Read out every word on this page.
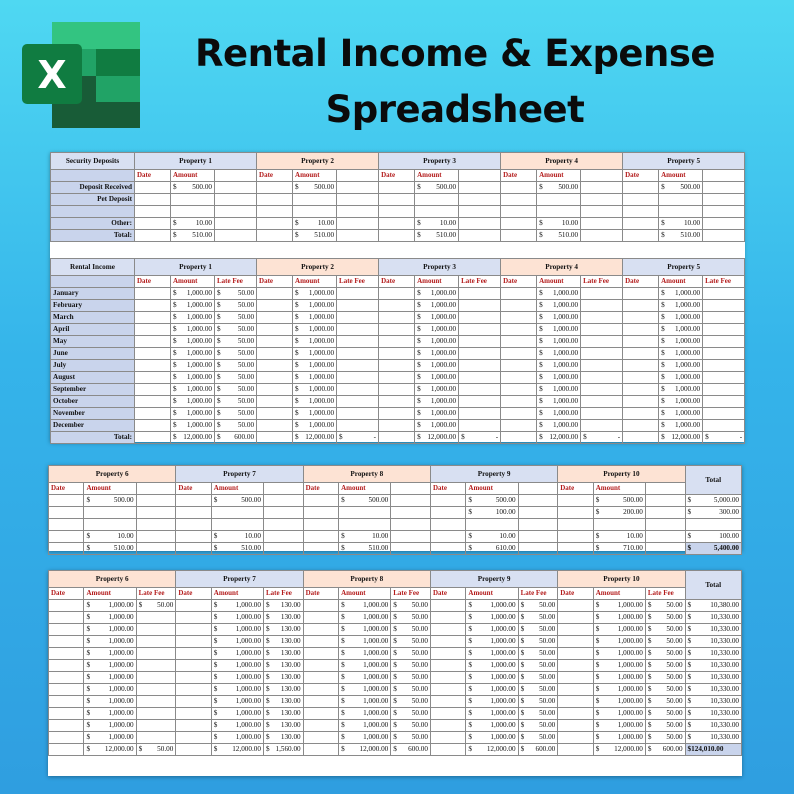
X	Rental Income & Expense
Spreadsheet
Security Deposits	Property 1			Property 2			Property 3			Property 4			Property 5		
	Date	Amount		Date	Amount		Date	Amount		Date	Amount		Date	Amount	
Deposit Received		$ 500.00			$ 500.00			$ 500.00			$ 500.00			$ 500.00	

Pet Deposit															

Other:		$ 10.00			$ 10.00			$ 10.00			$ 10.00			$ 10.00	

Total:		$ 510.00			$ 510.00			$ 510.00			$ 510.00			$ 510.00	

Rental Income	Property 1			Property 2			Property 3			Property 4			Property 5		
	Date	Amount	Late Fee	Date	Amount	Late Fee	Date	Amount	Late Fee	Date	Amount	Late Fee	Date	Amount	Late Fee
January		$ 1,000.00	$ 50.00		$ 1,000.00			$ 1,000.00			$ 1,000.00			$ 1,000.00	

February		$ 1,000.00	$ 50.00		$ 1,000.00			$ 1,000.00			$ 1,000.00			$ 1,000.00	

March		$ 1,000.00	$ 50.00		$ 1,000.00			$ 1,000.00			$ 1,000.00			$ 1,000.00	

April		$ 1,000.00	$ 50.00		$ 1,000.00			$ 1,000.00			$ 1,000.00			$ 1,000.00	

May		$ 1,000.00	$ 50.00		$ 1,000.00			$ 1,000.00			$ 1,000.00			$ 1,000.00	

June		$ 1,000.00	$ 50.00		$ 1,000.00			$ 1,000.00			$ 1,000.00			$ 1,000.00	

July		$ 1,000.00	$ 50.00		$ 1,000.00			$ 1,000.00			$ 1,000.00			$ 1,000.00	

August		$ 1,000.00	$ 50.00		$ 1,000.00			$ 1,000.00			$ 1,000.00			$ 1,000.00	

September		$ 1,000.00	$ 50.00		$ 1,000.00			$ 1,000.00			$ 1,000.00			$ 1,000.00	

October		$ 1,000.00	$ 50.00		$ 1,000.00			$ 1,000.00			$ 1,000.00			$ 1,000.00	

November		$ 1,000.00	$ 50.00		$ 1,000.00			$ 1,000.00			$ 1,000.00			$ 1,000.00	

December		$ 1,000.00	$ 50.00		$ 1,000.00			$ 1,000.00			$ 1,000.00			$ 1,000.00	

Total:		$ 12,000.00	$ 600.00		$ 12,000.00	$ -		$ 12,000.00	$ -		$ 12,000.00	$ -		$ 12,000.00	$ -
Property 6			Property 7			Property 8			Property 9			Property 10			Total
Date	Amount		Date	Amount		Date	Amount		Date	Amount		Date	Amount		

	$ 500.00			$ 500.00			$ 500.00			$ 500.00			$ 500.00		$ 5,000.00

										$ 100.00			$ 200.00		$ 300.00

	$ 10.00			$ 10.00			$ 10.00			$ 10.00			$ 10.00		$ 100.00

	$ 510.00			$ 510.00			$ 510.00			$ 610.00			$ 710.00		$ 5,400.00
Property 6			Property 7			Property 8			Property 9			Property 10			Total
Date	Amount	Late Fee	Date	Amount	Late Fee	Date	Amount	Late Fee	Date	Amount	Late Fee	Date	Amount	Late Fee	

	$ 1,000.00	$ 50.00		$ 1,000.00	$ 130.00		$ 1,000.00	$ 50.00		$ 1,000.00	$ 50.00		$ 1,000.00	$ 50.00	$ 10,380.00

	$ 1,000.00			$ 1,000.00	$ 130.00		$ 1,000.00	$ 50.00		$ 1,000.00	$ 50.00		$ 1,000.00	$ 50.00	$ 10,330.00

	$ 1,000.00			$ 1,000.00	$ 130.00		$ 1,000.00	$ 50.00		$ 1,000.00	$ 50.00		$ 1,000.00	$ 50.00	$ 10,330.00

	$ 1,000.00			$ 1,000.00	$ 130.00		$ 1,000.00	$ 50.00		$ 1,000.00	$ 50.00		$ 1,000.00	$ 50.00	$ 10,330.00

	$ 1,000.00			$ 1,000.00	$ 130.00		$ 1,000.00	$ 50.00		$ 1,000.00	$ 50.00		$ 1,000.00	$ 50.00	$ 10,330.00

	$ 1,000.00			$ 1,000.00	$ 130.00		$ 1,000.00	$ 50.00		$ 1,000.00	$ 50.00		$ 1,000.00	$ 50.00	$ 10,330.00

	$ 1,000.00			$ 1,000.00	$ 130.00		$ 1,000.00	$ 50.00		$ 1,000.00	$ 50.00		$ 1,000.00	$ 50.00	$ 10,330.00

	$ 1,000.00			$ 1,000.00	$ 130.00		$ 1,000.00	$ 50.00		$ 1,000.00	$ 50.00		$ 1,000.00	$ 50.00	$ 10,330.00

	$ 1,000.00			$ 1,000.00	$ 130.00		$ 1,000.00	$ 50.00		$ 1,000.00	$ 50.00		$ 1,000.00	$ 50.00	$ 10,330.00

	$ 1,000.00			$ 1,000.00	$ 130.00		$ 1,000.00	$ 50.00		$ 1,000.00	$ 50.00		$ 1,000.00	$ 50.00	$ 10,330.00

	$ 1,000.00			$ 1,000.00	$ 130.00		$ 1,000.00	$ 50.00		$ 1,000.00	$ 50.00		$ 1,000.00	$ 50.00	$ 10,330.00

	$ 1,000.00			$ 1,000.00	$ 130.00		$ 1,000.00	$ 50.00		$ 1,000.00	$ 50.00		$ 1,000.00	$ 50.00	$ 10,330.00

	$ 12,000.00	$ 50.00		$ 12,000.00	$ 1,560.00		$ 12,000.00	$ 600.00		$ 12,000.00	$ 600.00		$ 12,000.00	$ 600.00	$124,010.00
